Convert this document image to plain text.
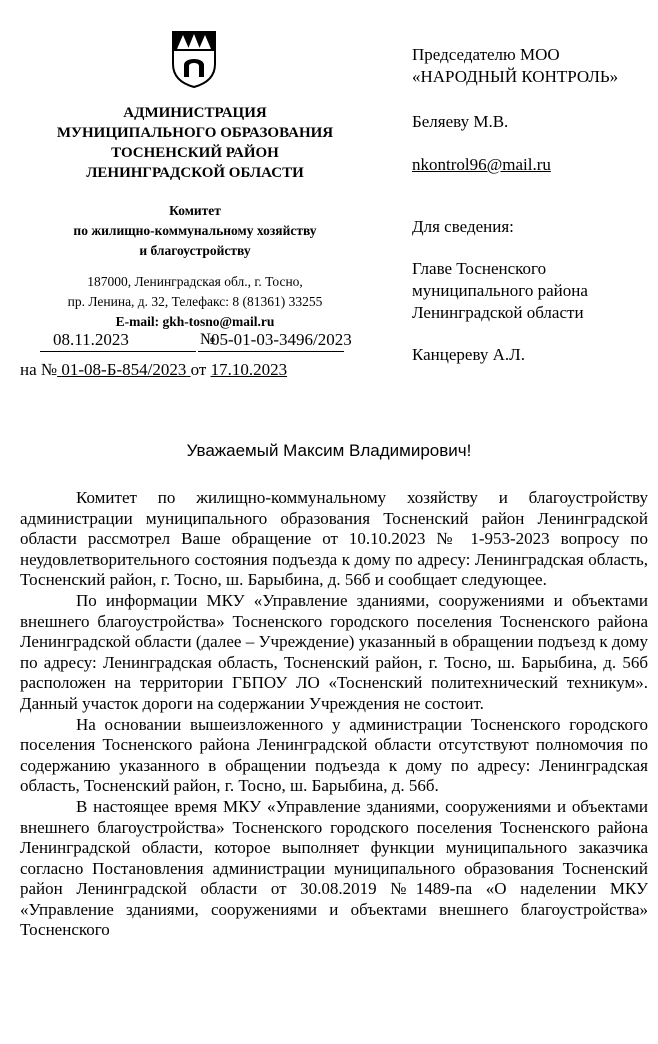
АДМИНИСТРАЦИЯ
МУНИЦИПАЛЬНОГО ОБРАЗОВАНИЯ
ТОСНЕНСКИЙ РАЙОН
ЛЕНИНГРАДСКОЙ ОБЛАСТИ
Комитет
по жилищно-коммунальному хозяйству
и благоустройству
187000, Ленинградская обл., г. Тосно,
пр. Ленина, д. 32, Телефакс: 8 (81361) 33255
E-mail: gkh-tosno@mail.ru
08.11.2023	№
05-01-03-3496/2023
на № 01-08-Б-854/2023 от 17.10.2023
Председателю МОО
«НАРОДНЫЙ КОНТРОЛЬ»
Беляеву М.В.
nkontrol96@mail.ru
Для сведения:
Главе Тосненского
муниципального района
Ленинградской области
Канцереву А.Л.
Уважаемый Максим Владимирович!

Комитет по жилищно-коммунальному хозяйству и благоустройству администрации муниципального образования Тосненский район Ленинградской области рассмотрел Ваше обращение от 10.10.2023 № 1-953-2023 вопросу по неудовлетворительного состояния подъезда к дому по адресу: Ленинградская область, Тосненский район, г. Тосно, ш. Барыбина, д. 56б и сообщает следующее.

По информации МКУ «Управление зданиями, сооружениями и объектами внешнего благоустройства» Тосненского городского поселения Тосненского района Ленинградской области (далее – Учреждение) указанный в обращении подъезд к дому по адресу: Ленинградская область, Тосненский район, г. Тосно, ш. Барыбина, д. 56б расположен на территории ГБПОУ ЛО «Тосненский политехнический техникум». Данный участок дороги на содержании Учреждения не состоит.

На основании вышеизложенного у администрации Тосненского городского поселения Тосненского района Ленинградской области отсутствуют полномочия по содержанию указанного в обращении подъезда к дому по адресу: Ленинградская область, Тосненский район, г. Тосно, ш. Барыбина, д. 56б.

В настоящее время МКУ «Управление зданиями, сооружениями и объектами внешнего благоустройства» Тосненского городского поселения Тосненского района Ленинградской области, которое выполняет функции муниципального заказчика согласно Постановления администрации муниципального образования Тосненский район Ленинградской области от 30.08.2019 №1489-па «О наделении МКУ «Управление зданиями, сооружениями и объектами внешнего благоустройства» Тосненского
